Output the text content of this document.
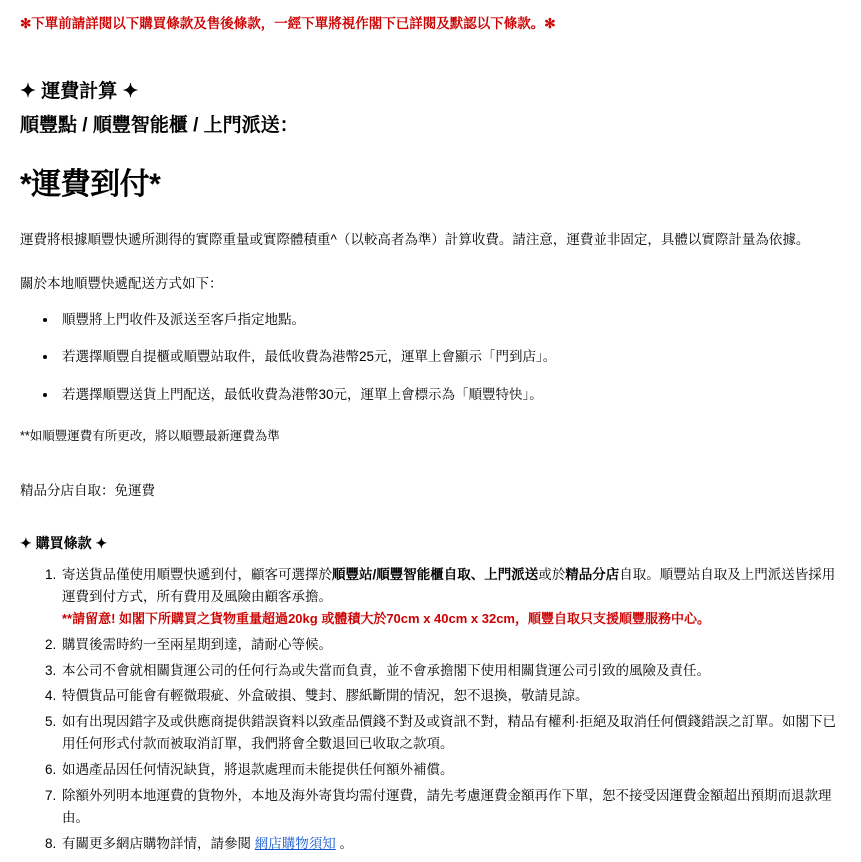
✻下單前請詳閱以下購買條款及售後條款，一經下單將視作閣下已詳閱及默認以下條款。✻

✦ 運費計算 ✦
順豐點 / 順豐智能櫃 / 上門派送：
*運費到付*

運費將根據順豐快遞所測得的實際重量或實際體積重^（以較高者為準）計算收費。請注意，運費並非固定，具體以實際計量為依據。

關於本地順豐快遞配送方式如下：

• 順豐將上門收件及派送至客戶指定地點。
• 若選擇順豐自提櫃或順豐站取件，最低收費為港幣25元，運單上會顯示「門到店」。
• 若選擇順豐送貨上門配送，最低收費為港幣30元，運單上會標示為「順豐特快」。

**如順豐運費有所更改，將以順豐最新運費為準

精品分店自取：免運費

✦ 購買條款 ✦
1. 寄送貨品僅使用順豐快遞到付，顧客可選擇於順豐站/順豐智能櫃自取、上門派送或於精品分店自取。順豐站自取及上門派送皆採用運費到付方式，所有費用及風險由顧客承擔。
**請留意! 如閣下所購買之貨物重量超過20kg 或體積大於70cm x 40cm x 32cm，順豐自取只支援順豐服務中心。
2. 購買後需時約一至兩星期到達，請耐心等候。
3. 本公司不會就相關貨運公司的任何行為或失當而負責，並不會承擔閣下使用相關貨運公司引致的風險及責任。
4. 特價貨品可能會有輕微瑕疵、外盒破損、雙封、膠紙斷開的情況，恕不退換，敬請見諒。
5. 如有出現因錯字及或供應商提供錯誤資料以致產品價錢不對及或資訊不對，精品有權利·拒絕及取消任何價錢錯誤之訂單。如閣下已用任何形式付款而被取消訂單，我們將會全數退回已收取之款項。
6. 如遇產品因任何情況缺貨，將退款處理而未能提供任何額外補償。
7. 除額外列明本地運費的貨物外，本地及海外寄貨均需付運費，請先考慮運費金額再作下單，恕不接受因運費金額超出預期而退款理由。
8. 有關更多網店購物詳情，請參閱 網店購物須知 。
